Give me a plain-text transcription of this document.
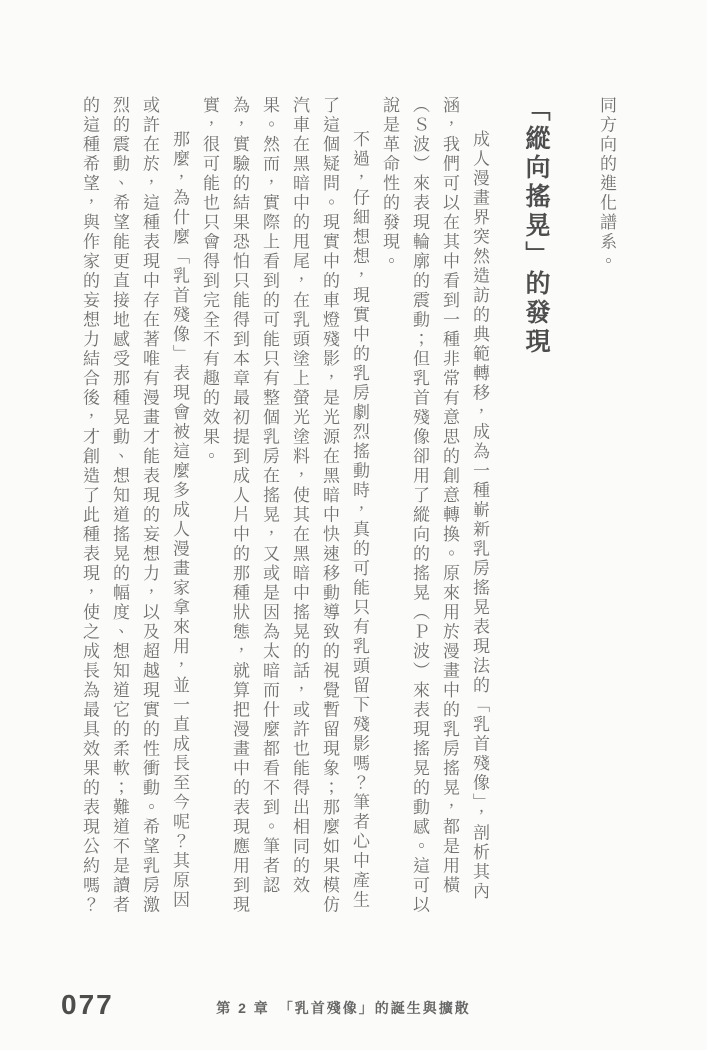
同方向的進化譜系。

「縱向搖晃」的發現

成人漫畫界突然造訪的典範轉移，成為一種嶄新乳房搖晃表現法的「乳首殘像」，剖析其內涵，我們可以在其中看到一種非常有意思的創意轉換。原來用於漫畫中的乳房搖晃，都是用橫（Ｓ波）來表現輪廓的震動；但乳首殘像卻用了縱向的搖晃（Ｐ波）來表現搖晃的動感。這可以說是革命性的發現。

不過，仔細想想，現實中的乳房劇烈搖動時，真的可能只有乳頭留下殘影嗎？筆者心中產生了這個疑問。現實中的車燈殘影，是光源在黑暗中快速移動導致的視覺暫留現象；那麼如果模仿汽車在黑暗中的甩尾，在乳頭塗上螢光塗料，使其在黑暗中搖晃的話，或許也能得出相同的效果。然而，實際上看到的可能只有整個乳房在搖晃，又或是因為太暗而什麼都看不到。筆者認為，實驗的結果恐怕只能得到本章最初提到成人片中的那種狀態，就算把漫畫中的表現應用到現實，很可能也只會得到完全不有趣的效果。

那麼，為什麼「乳首殘像」表現會被這麼多成人漫畫家拿來用，並一直成長至今呢？其原因或許在於，這種表現中存在著唯有漫畫才能表現的妄想力，以及超越現實的性衝動。希望乳房激烈的震動、希望能更直接地感受那種晃動、想知道搖晃的幅度、想知道它的柔軟；難道不是讀者的這種希望，與作家的妄想力結合後，才創造了此種表現，使之成長為最具效果的表現公約嗎？

077	第 2 章　「乳首殘像」的誕生與擴散
